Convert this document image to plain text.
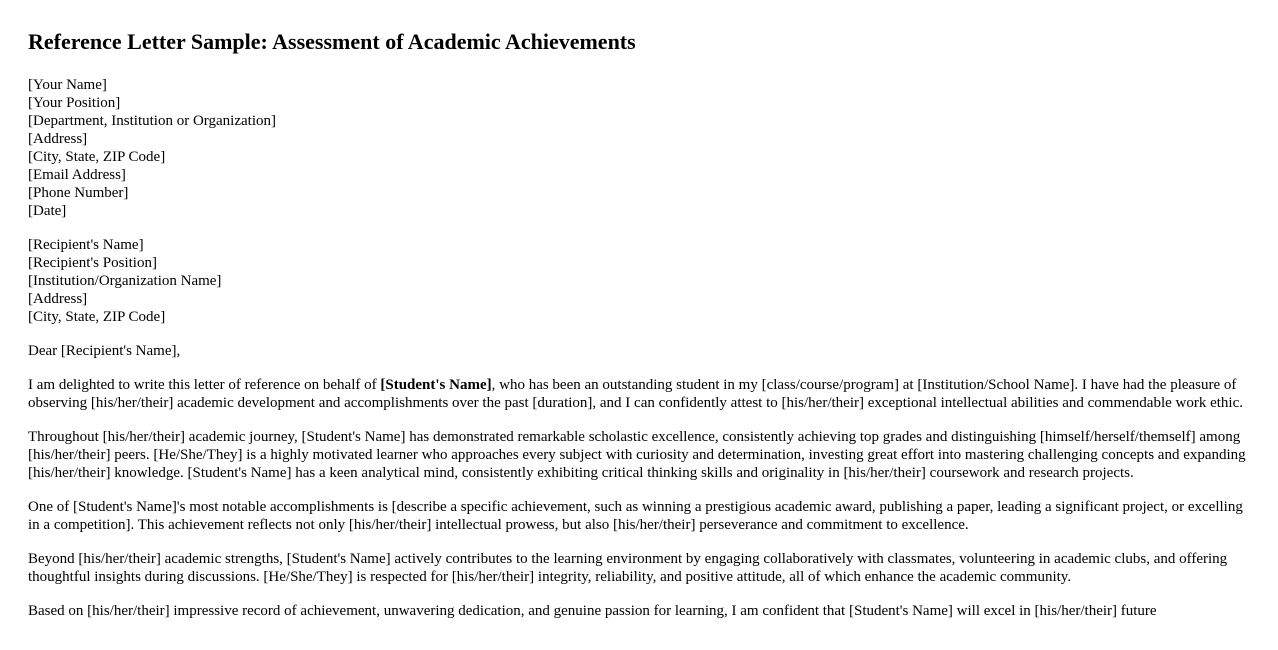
Reference Letter Sample: Assessment of Academic Achievements
[Your Name]
[Your Position]
[Department, Institution or Organization]
[Address]
[City, State, ZIP Code]
[Email Address]
[Phone Number]
[Date]
[Recipient's Name]
[Recipient's Position]
[Institution/Organization Name]
[Address]
[City, State, ZIP Code]

Dear [Recipient's Name],

I am delighted to write this letter of reference on behalf of [Student's Name], who has been an outstanding student in my [class/course/program] at [Institution/School Name]. I have had the pleasure of observing [his/her/their] academic development and accomplishments over the past [duration], and I can confidently attest to [his/her/their] exceptional intellectual abilities and commendable work ethic.

Throughout [his/her/their] academic journey, [Student's Name] has demonstrated remarkable scholastic excellence, consistently achieving top grades and distinguishing [himself/herself/themself] among [his/her/their] peers. [He/She/They] is a highly motivated learner who approaches every subject with curiosity and determination, investing great effort into mastering challenging concepts and expanding [his/her/their] knowledge. [Student's Name] has a keen analytical mind, consistently exhibiting critical thinking skills and originality in [his/her/their] coursework and research projects.

One of [Student's Name]'s most notable accomplishments is [describe a specific achievement, such as winning a prestigious academic award, publishing a paper, leading a significant project, or excelling in a competition]. This achievement reflects not only [his/her/their] intellectual prowess, but also [his/her/their] perseverance and commitment to excellence.

Beyond [his/her/their] academic strengths, [Student's Name] actively contributes to the learning environment by engaging collaboratively with classmates, volunteering in academic clubs, and offering thoughtful insights during discussions. [He/She/They] is respected for [his/her/their] integrity, reliability, and positive attitude, all of which enhance the academic community.

Based on [his/her/their] impressive record of achievement, unwavering dedication, and genuine passion for learning, I am confident that [Student's Name] will excel in [his/her/their] future
